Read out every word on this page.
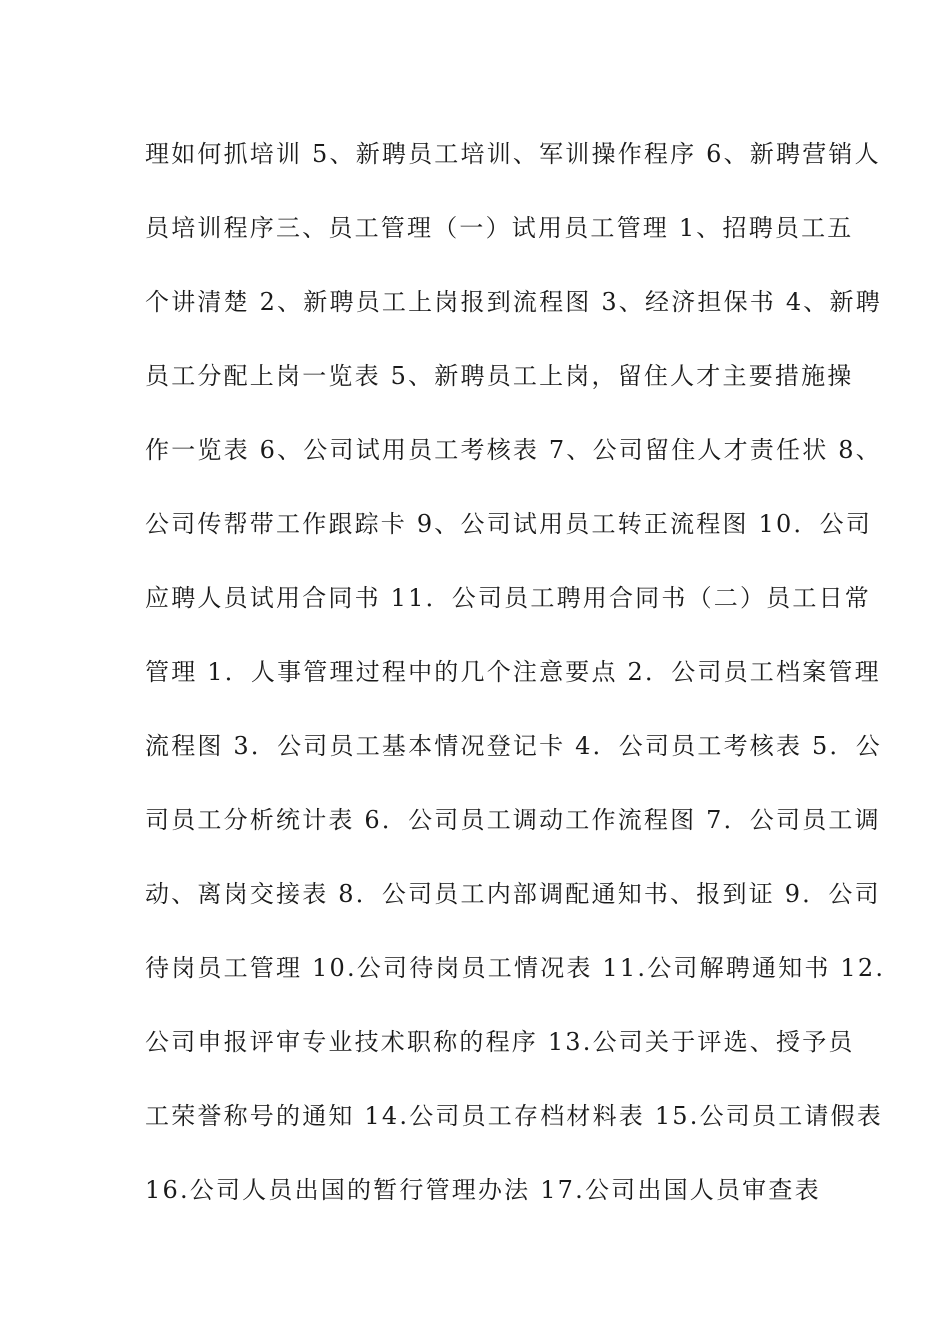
理如何抓培训 5、新聘员工培训、军训操作程序 6、新聘营销人
员培训程序三、员工管理（一）试用员工管理 1、招聘员工五
个讲清楚 2、新聘员工上岗报到流程图 3、经济担保书 4、新聘
员工分配上岗一览表 5、新聘员工上岗，留住人才主要措施操
作一览表 6、公司试用员工考核表 7、公司留住人才责任状 8、
公司传帮带工作跟踪卡 9、公司试用员工转正流程图 10．公司
应聘人员试用合同书 11．公司员工聘用合同书（二）员工日常
管理 1．人事管理过程中的几个注意要点 2．公司员工档案管理
流程图 3．公司员工基本情况登记卡 4．公司员工考核表 5．公
司员工分析统计表 6．公司员工调动工作流程图 7．公司员工调
动、离岗交接表 8．公司员工内部调配通知书、报到证 9．公司
待岗员工管理 10.公司待岗员工情况表 11.公司解聘通知书 12.
公司申报评审专业技术职称的程序 13.公司关于评选、授予员
工荣誉称号的通知 14.公司员工存档材料表 15.公司员工请假表
16.公司人员出国的暂行管理办法 17.公司出国人员审查表
